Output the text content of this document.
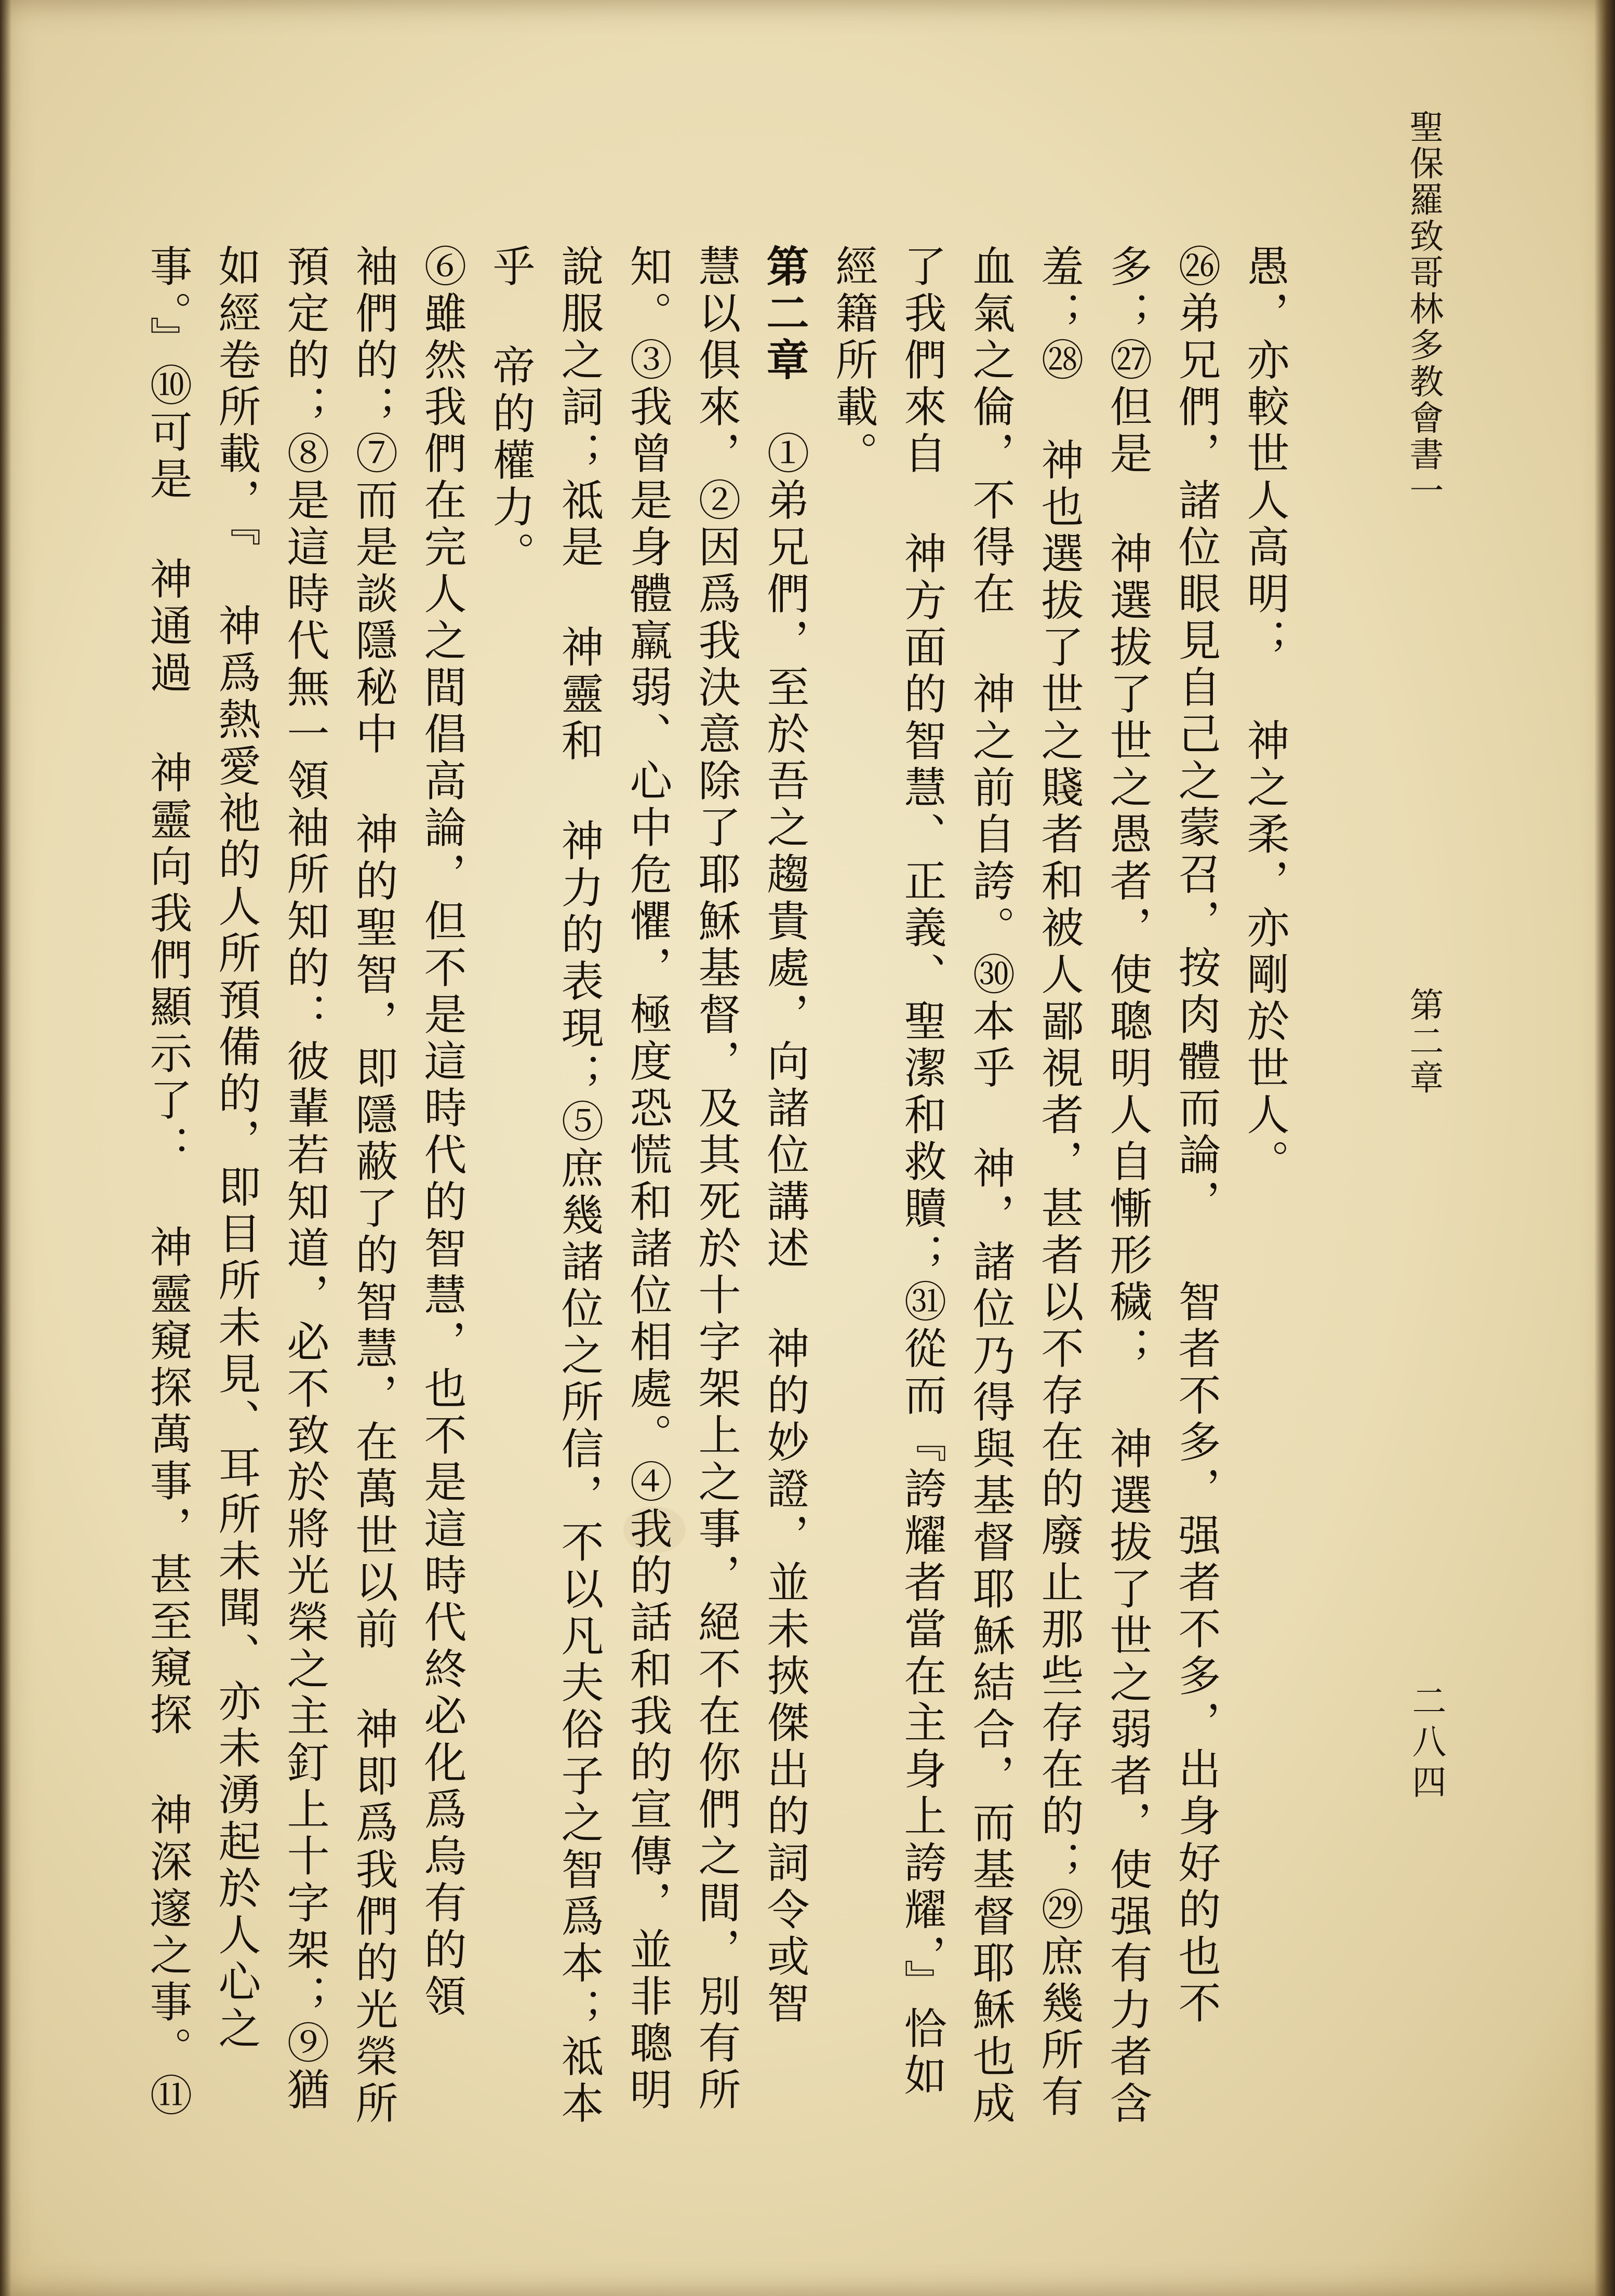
聖保羅致哥林多教會書一
第二章
二八四
愚，亦較世人高明； 神之柔，亦剛於世人。
㉖弟兄們，諸位眼見自己之蒙召，按肉體而論， 智者不多，强者不多，出身好的也不
多；㉗但是 神選拔了世之愚者，使聰明人自慚形穢； 神選拔了世之弱者，使强有力者含
羞；㉘ 神也選拔了世之賤者和被人鄙視者，甚者以不存在的廢止那些存在的；㉙庶幾所有
血氣之倫，不得在 神之前自誇。㉚本乎 神，諸位乃得與基督耶穌結合，而基督耶穌也成
了我們來自 神方面的智慧、正義、聖潔和救贖；㉛從而『誇耀者當在主身上誇耀，』恰如
經籍所載。
第二章　①弟兄們，至於吾之趨貴處，向諸位講述 神的妙證，並未挾傑出的詞令或智
慧以俱來，②因爲我決意除了耶穌基督，及其死於十字架上之事，絕不在你們之間，別有所
知。③我曾是身體羸弱、心中危懼，極度恐慌和諸位相處。④我的話和我的宣傳，並非聰明
說服之詞；祗是 神靈和 神力的表現；⑤庶幾諸位之所信，不以凡夫俗子之智爲本；祗本
乎 帝的權力。
⑥雖然我們在完人之間倡高論，但不是這時代的智慧，也不是這時代終必化爲烏有的領
袖們的；⑦而是談隱秘中 神的聖智，即隱蔽了的智慧，在萬世以前 神即爲我們的光榮所
預定的；⑧是這時代無一領袖所知的：彼輩若知道，必不致於將光榮之主釘上十字架；⑨猶
如經卷所載，『 神爲熱愛祂的人所預備的，即目所未見、耳所未聞、亦未湧起於人心之
事。』⑩可是 神通過 神靈向我們顯示了： 神靈窺探萬事，甚至窺探 神深邃之事。⑪
